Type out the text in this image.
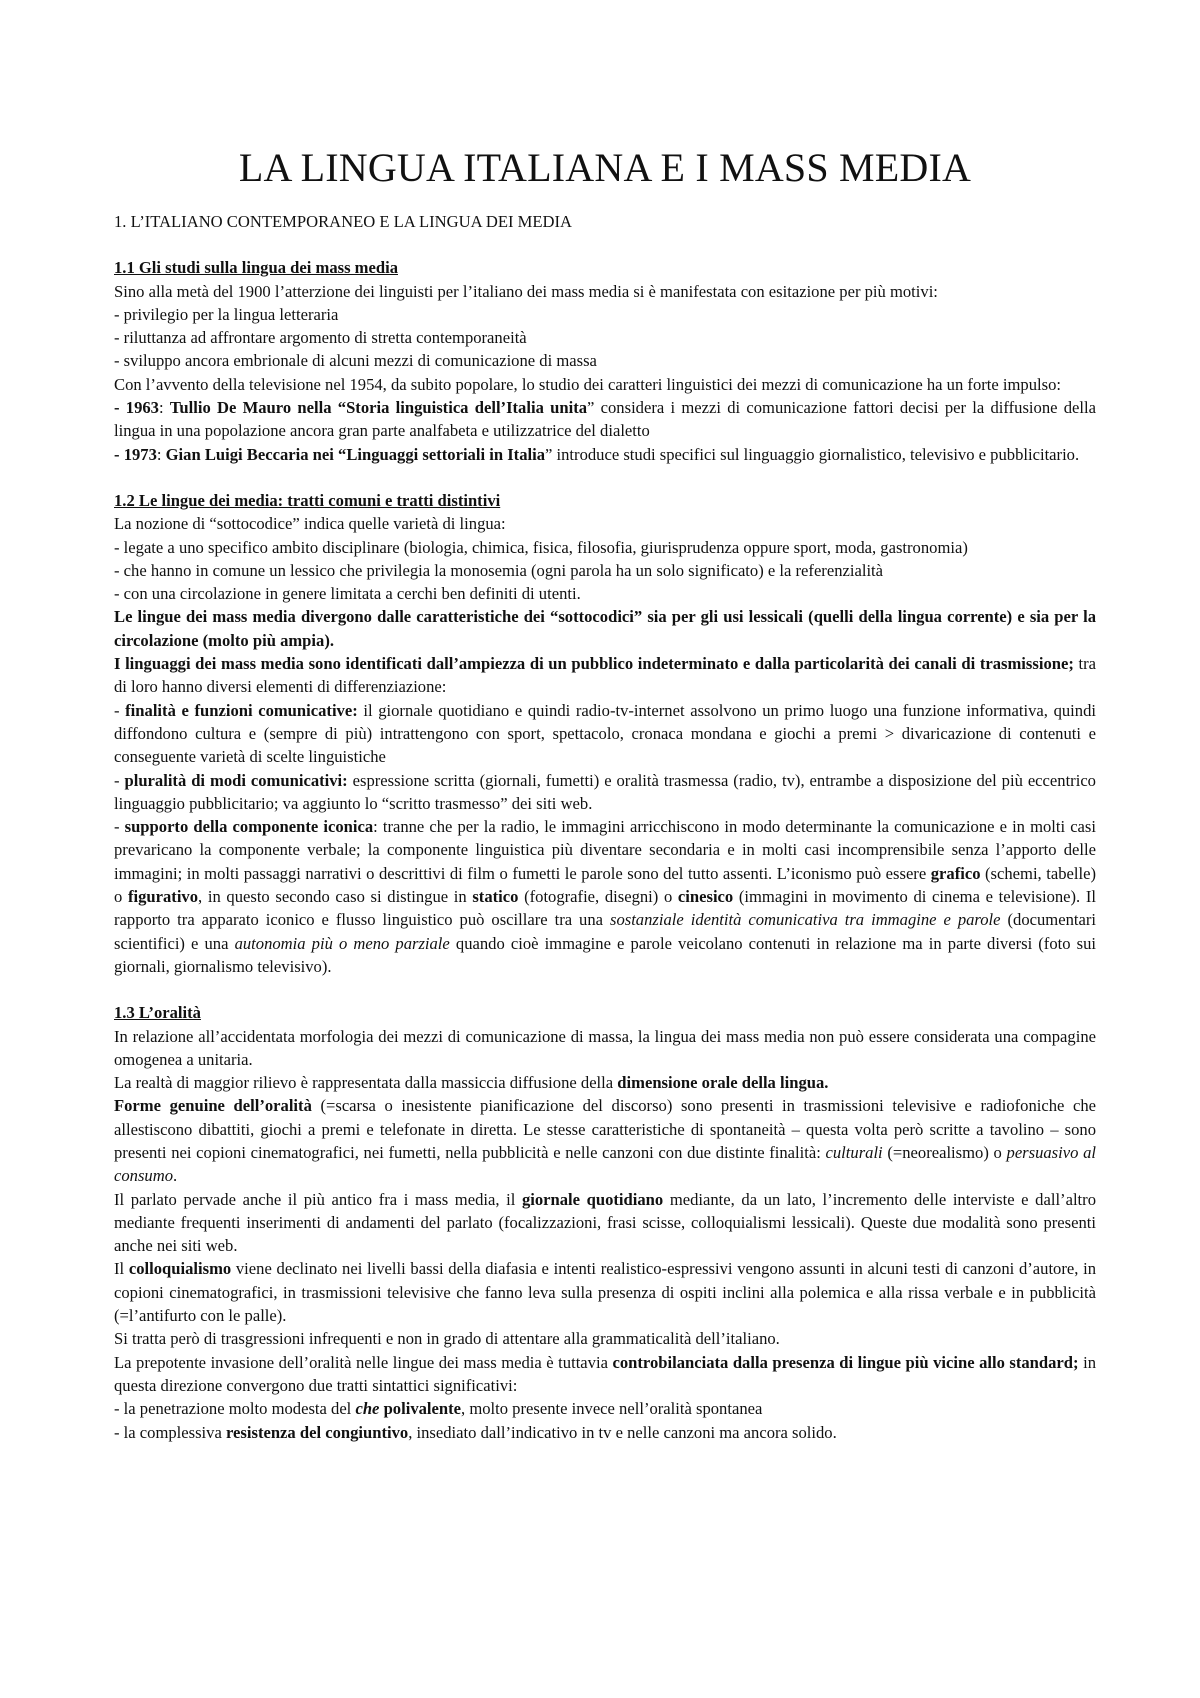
LA LINGUA ITALIANA E I MASS MEDIA

1. L’ITALIANO CONTEMPORANEO E LA LINGUA DEI MEDIA

1.1 Gli studi sulla lingua dei mass media

Sino alla metà del 1900 l’atterzione dei linguisti per l’italiano dei mass media si è manifestata con esitazione per più motivi:

- privilegio per la lingua letteraria

- riluttanza ad affrontare argomento di stretta contemporaneità

- sviluppo ancora embrionale di alcuni mezzi di comunicazione di massa

Con l’avvento della televisione nel 1954, da subito popolare, lo studio dei caratteri linguistici dei mezzi di comunicazione ha un forte impulso:

- 1963: Tullio De Mauro nella “Storia linguistica dell’Italia unita” considera i mezzi di comunicazione fattori decisi per la diffusione della lingua in una popolazione ancora gran parte analfabeta e utilizzatrice del dialetto

- 1973: Gian Luigi Beccaria nei “Linguaggi settoriali in Italia” introduce studi specifici sul linguaggio giornalistico, televisivo e pubblicitario.

1.2 Le lingue dei media: tratti comuni e tratti distintivi

La nozione di “sottocodice” indica quelle varietà di lingua:

- legate a uno specifico ambito disciplinare (biologia, chimica, fisica, filosofia, giurisprudenza oppure sport, moda, gastronomia)

- che hanno in comune un lessico che privilegia la monosemia (ogni parola ha un solo significato) e la referenzialità

- con una circolazione in genere limitata a cerchi ben definiti di utenti.

Le lingue dei mass media divergono dalle caratteristiche dei “sottocodici” sia per gli usi lessicali (quelli della lingua corrente) e sia per la circolazione (molto più ampia).

I linguaggi dei mass media sono identificati dall’ampiezza di un pubblico indeterminato e dalla particolarità dei canali di trasmissione; tra di loro hanno diversi elementi di differenziazione:

- finalità e funzioni comunicative: il giornale quotidiano e quindi radio-tv-internet assolvono un primo luogo una funzione informativa, quindi diffondono cultura e (sempre di più) intrattengono con sport, spettacolo, cronaca mondana e giochi a premi > divaricazione di contenuti e conseguente varietà di scelte linguistiche

- pluralità di modi comunicativi: espressione scritta (giornali, fumetti) e oralità trasmessa (radio, tv), entrambe a disposizione del più eccentrico linguaggio pubblicitario; va aggiunto lo “scritto trasmesso” dei siti web.

- supporto della componente iconica: tranne che per la radio, le immagini arricchiscono in modo determinante la comunicazione e in molti casi prevaricano la componente verbale; la componente linguistica più diventare secondaria e in molti casi incomprensibile senza l’apporto delle immagini; in molti passaggi narrativi o descrittivi di film o fumetti le parole sono del tutto assenti. L’iconismo può essere grafico (schemi, tabelle) o figurativo, in questo secondo caso si distingue in statico (fotografie, disegni) o cinesico (immagini in movimento di cinema e televisione). Il rapporto tra apparato iconico e flusso linguistico può oscillare tra una sostanziale identità comunicativa tra immagine e parole (documentari scientifici) e una autonomia più o meno parziale quando cioè immagine e parole veicolano contenuti in relazione ma in parte diversi (foto sui giornali, giornalismo televisivo).

1.3 L’oralità

In relazione all’accidentata morfologia dei mezzi di comunicazione di massa, la lingua dei mass media non può essere considerata una compagine omogenea a unitaria.

La realtà di maggior rilievo è rappresentata dalla massiccia diffusione della dimensione orale della lingua.

Forme genuine dell’oralità (=scarsa o inesistente pianificazione del discorso) sono presenti in trasmissioni televisive e radiofoniche che allestiscono dibattiti, giochi a premi e telefonate in diretta. Le stesse caratteristiche di spontaneità – questa volta però scritte a tavolino – sono presenti nei copioni cinematografici, nei fumetti, nella pubblicità e nelle canzoni con due distinte finalità: culturali (=neorealismo) o persuasivo al consumo.

Il parlato pervade anche il più antico fra i mass media, il giornale quotidiano mediante, da un lato, l’incremento delle interviste e dall’altro mediante frequenti inserimenti di andamenti del parlato (focalizzazioni, frasi scisse, colloquialismi lessicali). Queste due modalità sono presenti anche nei siti web.

Il colloquialismo viene declinato nei livelli bassi della diafasia e intenti realistico-espressivi vengono assunti in alcuni testi di canzoni d’autore, in copioni cinematografici, in trasmissioni televisive che fanno leva sulla presenza di ospiti inclini alla polemica e alla rissa verbale e in pubblicità (=l’antifurto con le palle).

Si tratta però di trasgressioni infrequenti e non in grado di attentare alla grammaticalità dell’italiano.

La prepotente invasione dell’oralità nelle lingue dei mass media è tuttavia controbilanciata dalla presenza di lingue più vicine allo standard; in questa direzione convergono due tratti sintattici significativi:

- la penetrazione molto modesta del che polivalente, molto presente invece nell’oralità spontanea

- la complessiva resistenza del congiuntivo, insediato dall’indicativo in tv e nelle canzoni ma ancora solido.
